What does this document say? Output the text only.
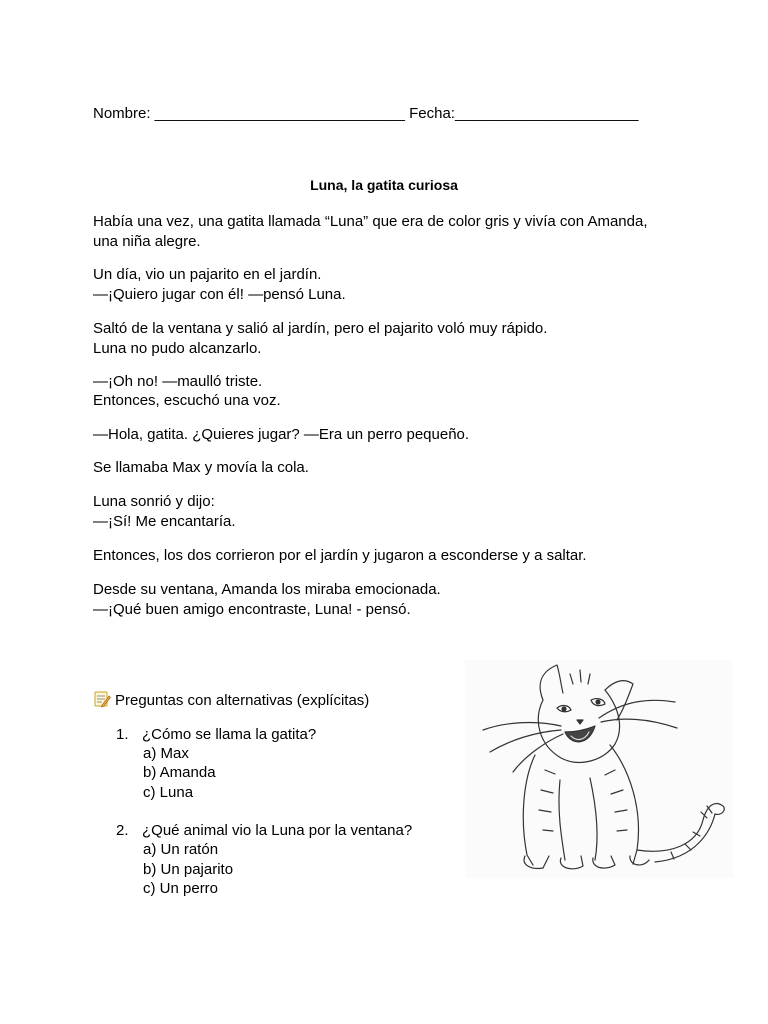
Nombre: ______________________________ Fecha:______________________
Luna, la gatita curiosa
Había una vez, una gatita llamada “Luna” que era de color gris y vivía con Amanda,
una niña alegre.
Un día, vio un pajarito en el jardín.
—¡Quiero jugar con él! —pensó Luna.
Saltó de la ventana y salió al jardín, pero el pajarito voló muy rápido.
Luna no pudo alcanzarlo.
—¡Oh no! —maulló triste.
Entonces, escuchó una voz.
—Hola, gatita. ¿Quieres jugar? —Era un perro pequeño.
Se llamaba Max y movía la cola.
Luna sonrió y dijo:
—¡Sí! Me encantaría.
Entonces, los dos corrieron por el jardín y jugaron a esconderse y a saltar.
Desde su ventana, Amanda los miraba emocionada.
—¡Qué buen amigo encontraste, Luna! - pensó.
Preguntas con alternativas (explícitas)
1. ¿Cómo se llama la gatita?
a) Max
b) Amanda
c) Luna
2. ¿Qué animal vio la Luna por la ventana?
a) Un ratón
b) Un pajarito
c) Un perro
